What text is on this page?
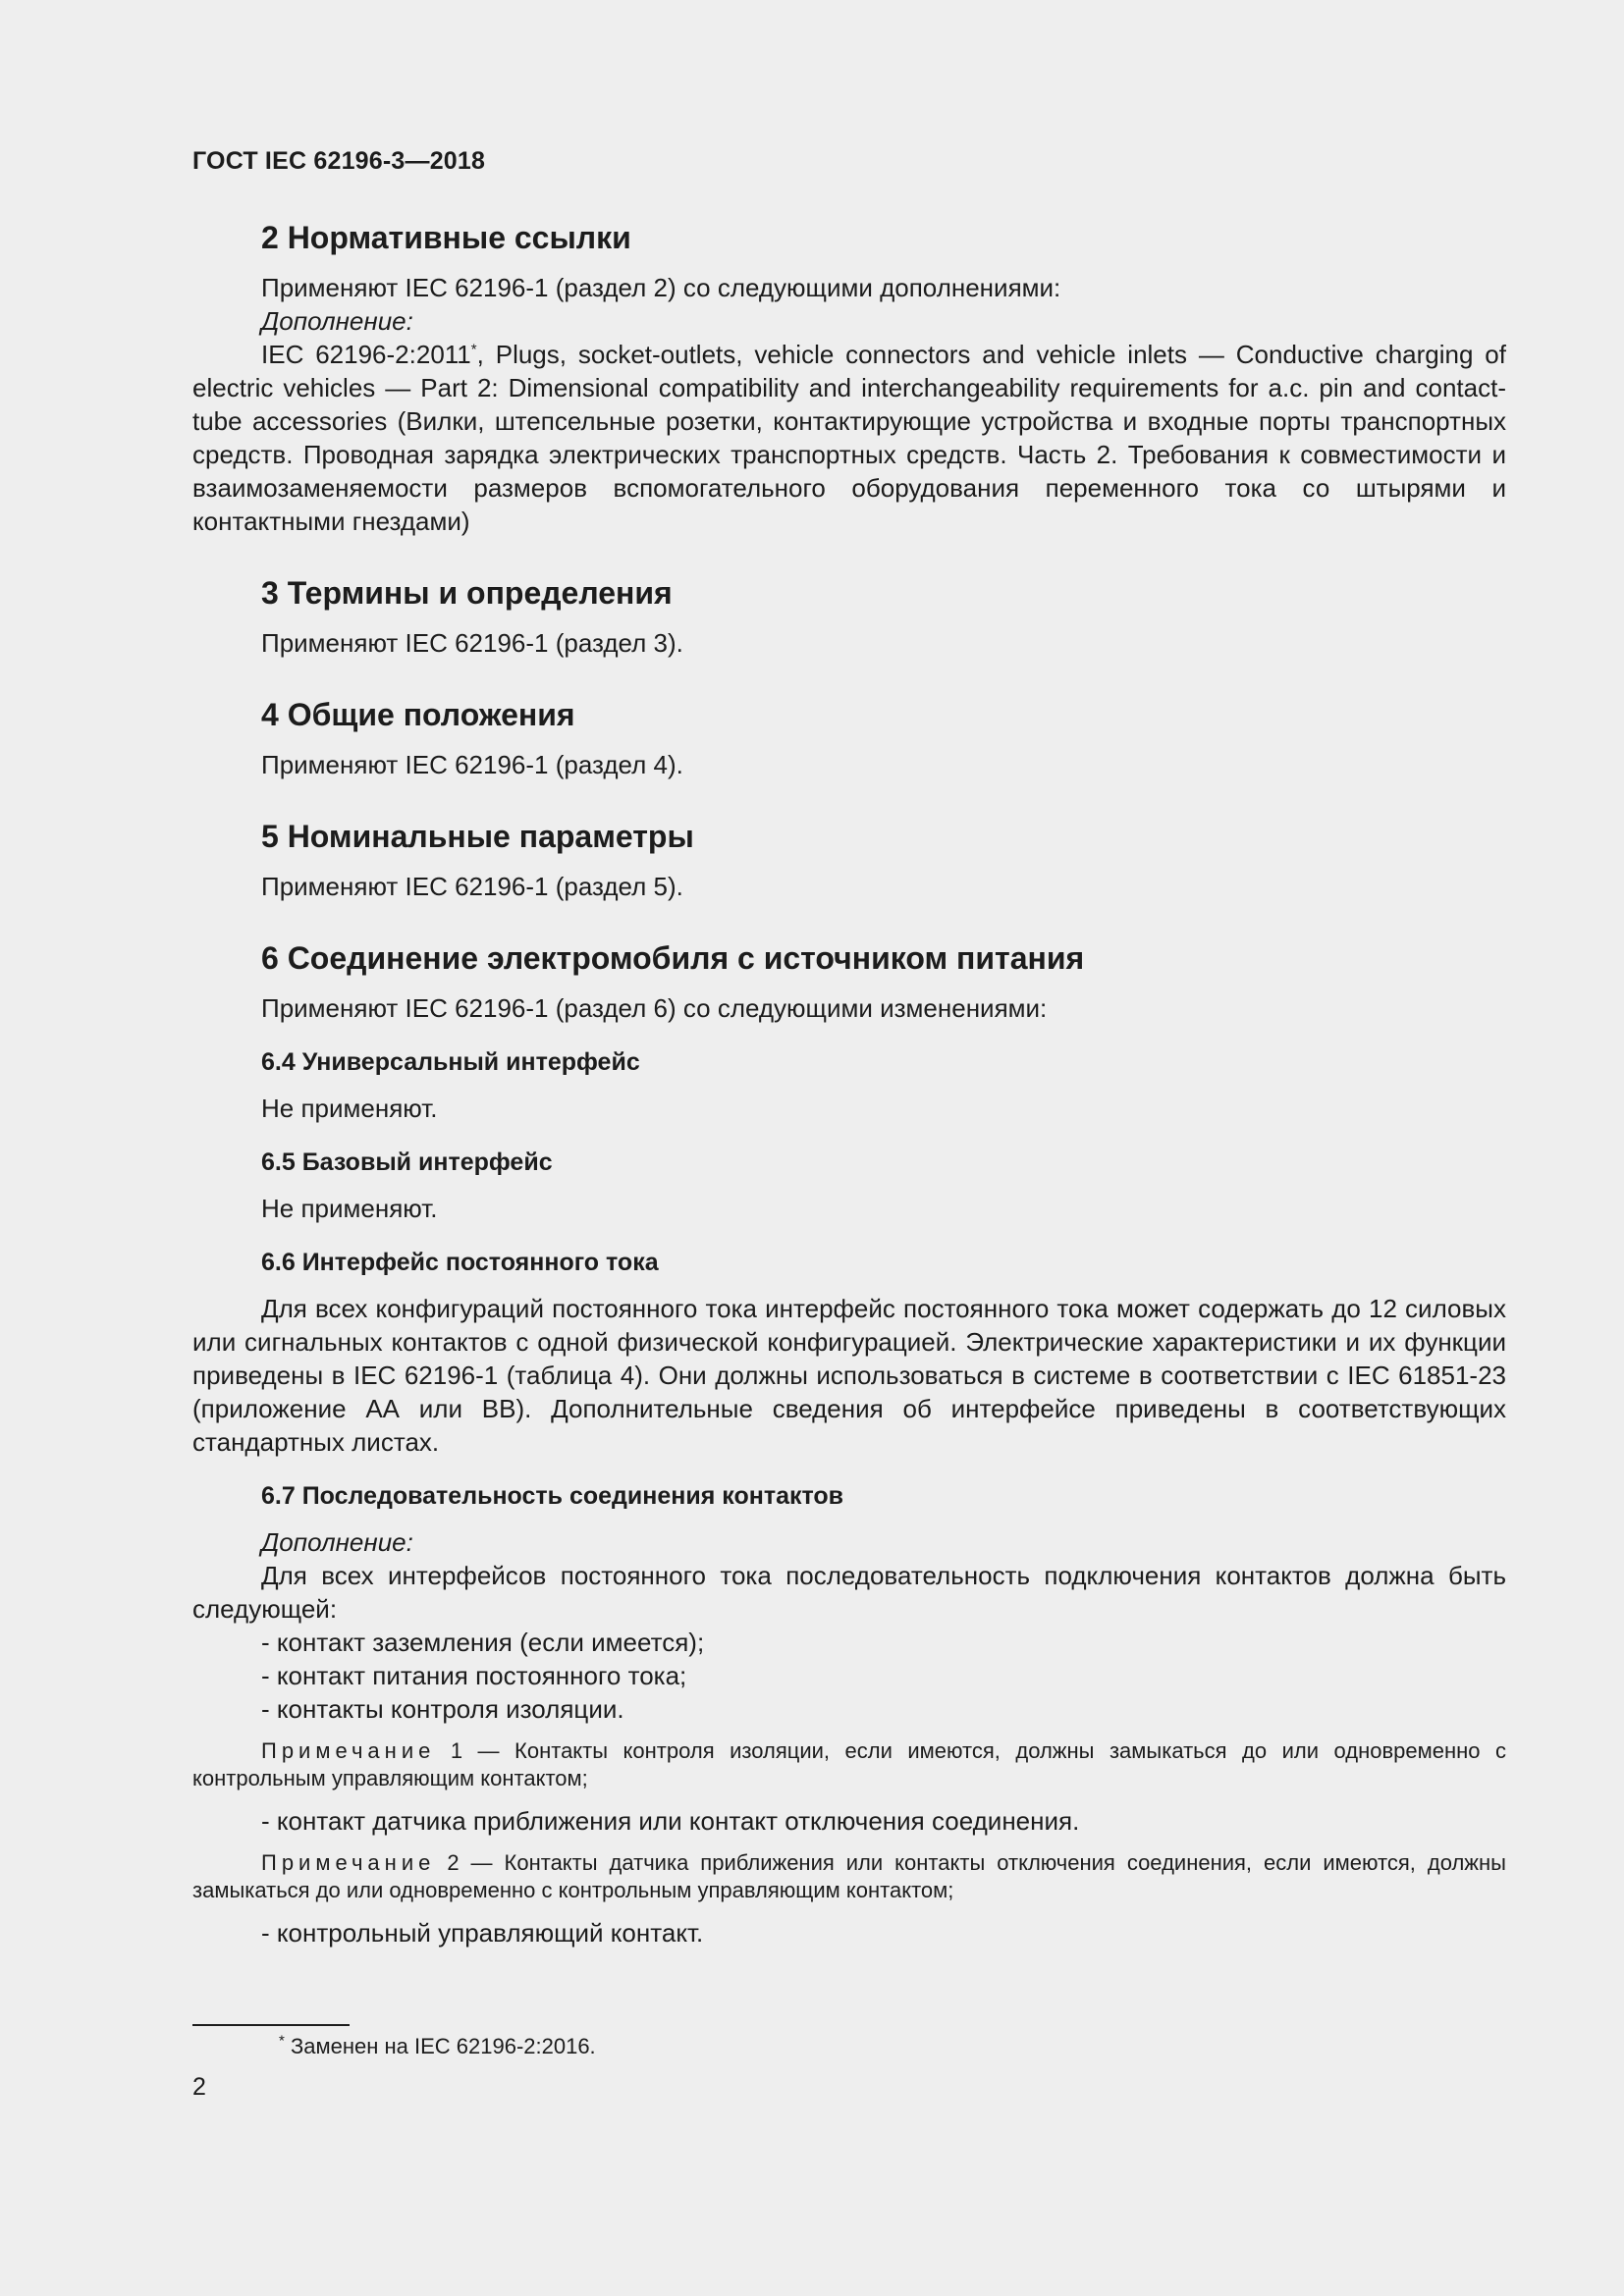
ГОСТ IEC 62196-3—2018
2 Нормативные ссылки

Применяют IEC 62196-1 (раздел 2) со следующими дополнениями:

Дополнение:

IEC 62196-2:2011*, Plugs, socket-outlets, vehicle connectors and vehicle inlets — Conductive charging of electric vehicles — Part 2: Dimensional compatibility and interchangeability requirements for a.c. pin and contact-tube accessories (Вилки, штепсельные розетки, контактирующие устройства и входные порты транспортных средств. Проводная зарядка электрических транспортных средств. Часть 2. Требования к совместимости и взаимозаменяемости размеров вспомогательного оборудования переменного тока со штырями и контактными гнездами)

3 Термины и определения

Применяют IEC 62196-1 (раздел 3).

4 Общие положения

Применяют IEC 62196-1 (раздел 4).

5 Номинальные параметры

Применяют IEC 62196-1 (раздел 5).

6 Соединение электромобиля с источником питания

Применяют IEC 62196-1 (раздел 6) со следующими изменениями:

6.4 Универсальный интерфейс

Не применяют.

6.5 Базовый интерфейс

Не применяют.

6.6 Интерфейс постоянного тока

Для всех конфигураций постоянного тока интерфейс постоянного тока может содержать до 12 силовых или сигнальных контактов с одной физической конфигурацией. Электрические характеристики и их функции приведены в IEC 62196-1 (таблица 4). Они должны использоваться в системе в соответствии с IEC 61851-23 (приложение АА или ВВ). Дополнительные сведения об интерфейсе приведены в соответствующих стандартных листах.

6.7 Последовательность соединения контактов

Дополнение:

Для всех интерфейсов постоянного тока последовательность подключения контактов должна быть следующей:

- контакт заземления (если имеется);

- контакт питания постоянного тока;

- контакты контроля изоляции.

Примечание 1 — Контакты контроля изоляции, если имеются, должны замыкаться до или одновременно с контрольным управляющим контактом;

- контакт датчика приближения или контакт отключения соединения.

Примечание 2 — Контакты датчика приближения или контакты отключения соединения, если имеются, должны замыкаться до или одновременно с контрольным управляющим контактом;

- контрольный управляющий контакт.

* Заменен на IEC 62196-2:2016.
2
